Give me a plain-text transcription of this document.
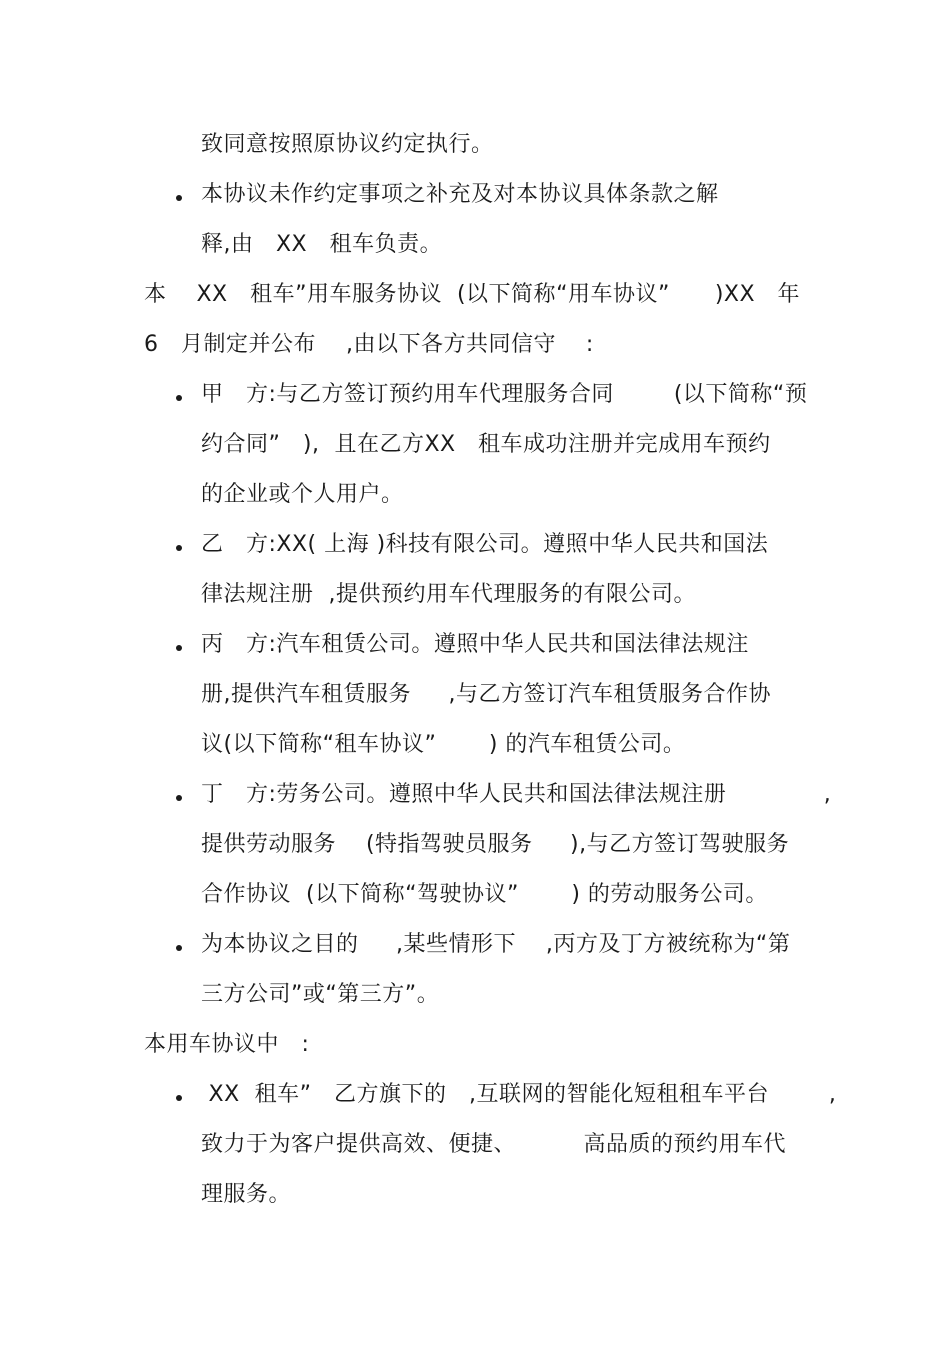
致同意按照原协议约定执行。
本协议未作约定事项之补充及对本协议具体条款之解
释,由   XX   租车负责。
本    XX   租车”用车服务协议  (以下简称“用车协议”      )XX   年
6   月制定并公布    ,由以下各方共同信守    :
甲   方:与乙方签订预约用车代理服务合同        (以下简称“预
约合同”   ),  且在乙方XX   租车成功注册并完成用车预约
的企业或个人用户。
乙   方:XX( 上海 )科技有限公司。遵照中华人民共和国法
律法规注册  ,提供预约用车代理服务的有限公司。
丙   方:汽车租赁公司。遵照中华人民共和国法律法规注
册,提供汽车租赁服务     ,与乙方签订汽车租赁服务合作协
议(以下简称“租车协议”       ) 的汽车租赁公司。
丁   方:劳务公司。遵照中华人民共和国法律法规注册             ,
提供劳动服务    (特指驾驶员服务     ),与乙方签订驾驶服务
合作协议  (以下简称“驾驶协议”       ) 的劳动服务公司。
为本协议之目的     ,某些情形下    ,丙方及丁方被统称为“第
三方公司”或“第三方”。
本用车协议中   :
XX  租车”   乙方旗下的   ,互联网的智能化短租租车平台        ,
致力于为客户提供高效、便捷、         高品质的预约用车代
理服务。
